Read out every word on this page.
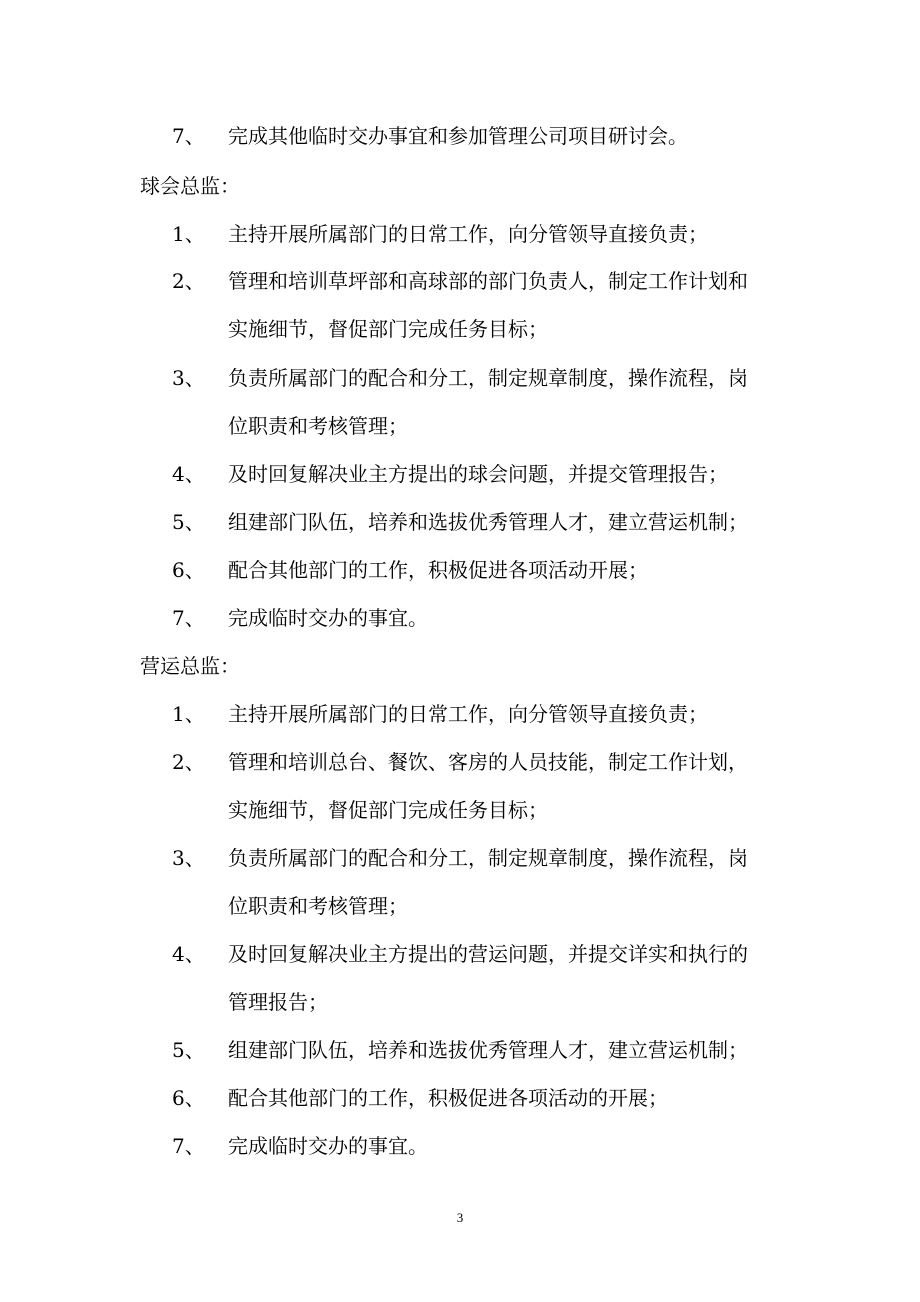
7、 完成其他临时交办事宜和参加管理公司项目研讨会。
球会总监：
1、 主持开展所属部门的日常工作，向分管领导直接负责；
2、 管理和培训草坪部和高球部的部门负责人，制定工作计划和
实施细节，督促部门完成任务目标；
3、 负责所属部门的配合和分工，制定规章制度，操作流程，岗
位职责和考核管理；
4、 及时回复解决业主方提出的球会问题，并提交管理报告；
5、 组建部门队伍，培养和选拔优秀管理人才，建立营运机制；
6、 配合其他部门的工作，积极促进各项活动开展；
7、 完成临时交办的事宜。
营运总监：
1、 主持开展所属部门的日常工作，向分管领导直接负责；
2、 管理和培训总台、餐饮、客房的人员技能，制定工作计划，
实施细节，督促部门完成任务目标；
3、 负责所属部门的配合和分工，制定规章制度，操作流程，岗
位职责和考核管理；
4、 及时回复解决业主方提出的营运问题，并提交详实和执行的
管理报告；
5、 组建部门队伍，培养和选拔优秀管理人才，建立营运机制；
6、 配合其他部门的工作，积极促进各项活动的开展；
7、 完成临时交办的事宜。
3
